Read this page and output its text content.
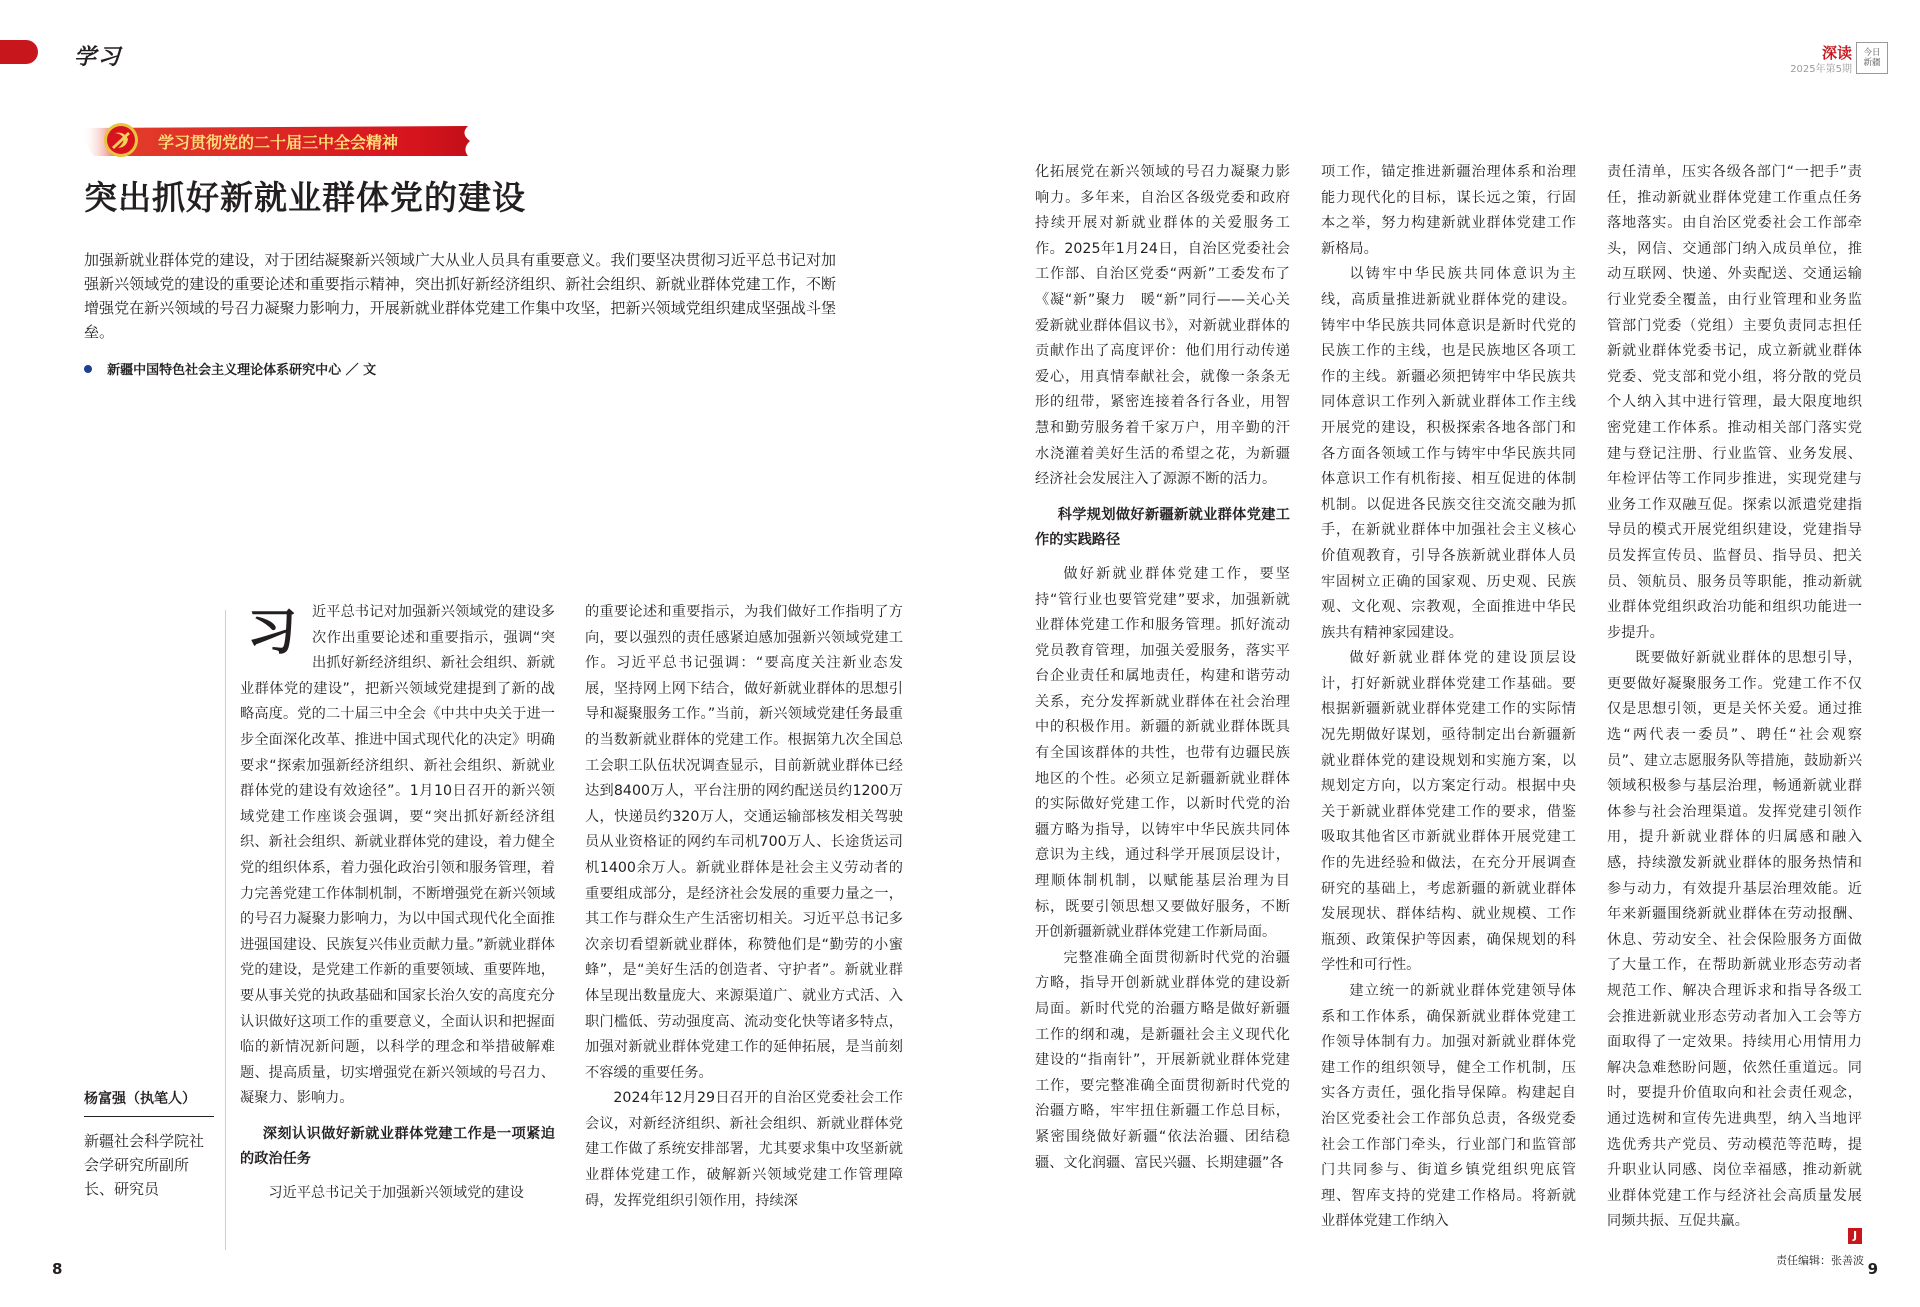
学习	深读
2025年第5期
今日新疆
学习贯彻党的二十届三中全会精神
突出抓好新就业群体党的建设
加强新就业群体党的建设，对于团结凝聚新兴领域广大从业人员具有重要意义。我们要坚决贯彻习近平总书记对加强新兴领域党的建设的重要论述和重要指示精神，突出抓好新经济组织、新社会组织、新就业群体党建工作，不断增强党在新兴领域的号召力凝聚力影响力，开展新就业群体党建工作集中攻坚，把新兴领域党组织建成坚强战斗堡垒。
新疆中国特色社会主义理论体系研究中心 ／ 文

习	近平总书记对加强新兴领域党的建设多次作出重要论述和重要指示，强调“突出抓好新经济组织、新社会组织、新就业群体党的建设”，把新兴领域党建提到了新的战略高度。党的二十届三中全会《中共中央关于进一步全面深化改革、推进中国式现代化的决定》明确要求“探索加强新经济组织、新社会组织、新就业群体党的建设有效途径”。1月10日召开的新兴领域党建工作座谈会强调，要“突出抓好新经济组织、新社会组织、新就业群体党的建设，着力健全党的组织体系，着力强化政治引领和服务管理，着力完善党建工作体制机制，不断增强党在新兴领域的号召力凝聚力影响力，为以中国式现代化全面推进强国建设、民族复兴伟业贡献力量。”新就业群体党的建设，是党建工作新的重要领域、重要阵地，要从事关党的执政基础和国家长治久安的高度充分认识做好这项工作的重要意义，全面认识和把握面临的新情况新问题，以科学的理念和举措破解难题、提高质量，切实增强党在新兴领域的号召力、凝聚力、影响力。

深刻认识做好新就业群体党建工作是一项紧迫的政治任务

习近平总书记关于加强新兴领域党的建设

的重要论述和重要指示，为我们做好工作指明了方向，要以强烈的责任感紧迫感加强新兴领域党建工作。习近平总书记强调：“要高度关注新业态发展，坚持网上网下结合，做好新就业群体的思想引导和凝聚服务工作。”当前，新兴领域党建任务最重的当数新就业群体的党建工作。根据第九次全国总工会职工队伍状况调查显示，目前新就业群体已经达到8400万人，平台注册的网约配送员约1200万人，快递员约320万人，交通运输部核发相关驾驶员从业资格证的网约车司机700万人、长途货运司机1400余万人。新就业群体是社会主义劳动者的重要组成部分，是经济社会发展的重要力量之一，其工作与群众生产生活密切相关。习近平总书记多次亲切看望新就业群体，称赞他们是“勤劳的小蜜蜂”，是“美好生活的创造者、守护者”。新就业群体呈现出数量庞大、来源渠道广、就业方式活、入职门槛低、劳动强度高、流动变化快等诸多特点，加强对新就业群体党建工作的延伸拓展，是当前刻不容缓的重要任务。

2024年12月29日召开的自治区党委社会工作会议，对新经济组织、新社会组织、新就业群体党建工作做了系统安排部署，尤其要求集中攻坚新就业群体党建工作，破解新兴领域党建工作管理障碍，发挥党组织引领作用，持续深

化拓展党在新兴领域的号召力凝聚力影响力。多年来，自治区各级党委和政府持续开展对新就业群体的关爱服务工作。2025年1月24日，自治区党委社会工作部、自治区党委“两新”工委发布了《凝“新”聚力　暖“新”同行——关心关爱新就业群体倡议书》，对新就业群体的贡献作出了高度评价：他们用行动传递爱心，用真情奉献社会，就像一条条无形的纽带，紧密连接着各行各业，用智慧和勤劳服务着千家万户，用辛勤的汗水浇灌着美好生活的希望之花，为新疆经济社会发展注入了源源不断的活力。

科学规划做好新疆新就业群体党建工作的实践路径

做好新就业群体党建工作，要坚持“管行业也要管党建”要求，加强新就业群体党建工作和服务管理。抓好流动党员教育管理，加强关爱服务，落实平台企业责任和属地责任，构建和谐劳动关系，充分发挥新就业群体在社会治理中的积极作用。新疆的新就业群体既具有全国该群体的共性，也带有边疆民族地区的个性。必须立足新疆新就业群体的实际做好党建工作，以新时代党的治疆方略为指导，以铸牢中华民族共同体意识为主线，通过科学开展顶层设计，理顺体制机制，以赋能基层治理为目标，既要引领思想又要做好服务，不断开创新疆新就业群体党建工作新局面。

完整准确全面贯彻新时代党的治疆方略，指导开创新就业群体党的建设新局面。新时代党的治疆方略是做好新疆工作的纲和魂，是新疆社会主义现代化建设的“指南针”，开展新就业群体党建工作，要完整准确全面贯彻新时代党的治疆方略，牢牢扭住新疆工作总目标，紧密围绕做好新疆“依法治疆、团结稳疆、文化润疆、富民兴疆、长期建疆”各

项工作，锚定推进新疆治理体系和治理能力现代化的目标，谋长远之策，行固本之举，努力构建新就业群体党建工作新格局。

以铸牢中华民族共同体意识为主线，高质量推进新就业群体党的建设。铸牢中华民族共同体意识是新时代党的民族工作的主线，也是民族地区各项工作的主线。新疆必须把铸牢中华民族共同体意识工作列入新就业群体工作主线开展党的建设，积极探索各地各部门和各方面各领域工作与铸牢中华民族共同体意识工作有机衔接、相互促进的体制机制。以促进各民族交往交流交融为抓手，在新就业群体中加强社会主义核心价值观教育，引导各族新就业群体人员牢固树立正确的国家观、历史观、民族观、文化观、宗教观，全面推进中华民族共有精神家园建设。

做好新就业群体党的建设顶层设计，打好新就业群体党建工作基础。要根据新疆新就业群体党建工作的实际情况先期做好谋划，亟待制定出台新疆新就业群体党的建设规划和实施方案，以规划定方向，以方案定行动。根据中央关于新就业群体党建工作的要求，借鉴吸取其他省区市新就业群体开展党建工作的先进经验和做法，在充分开展调查研究的基础上，考虑新疆的新就业群体发展现状、群体结构、就业规模、工作瓶颈、政策保护等因素，确保规划的科学性和可行性。

建立统一的新就业群体党建领导体系和工作体系，确保新就业群体党建工作领导体制有力。加强对新就业群体党建工作的组织领导，健全工作机制，压实各方责任，强化指导保障。构建起自治区党委社会工作部负总责，各级党委社会工作部门牵头，行业部门和监管部门共同参与、街道乡镇党组织兜底管理、智库支持的党建工作格局。将新就业群体党建工作纳入

责任清单，压实各级各部门“一把手”责任，推动新就业群体党建工作重点任务落地落实。由自治区党委社会工作部牵头，网信、交通部门纳入成员单位，推动互联网、快递、外卖配送、交通运输行业党委全覆盖，由行业管理和业务监管部门党委（党组）主要负责同志担任新就业群体党委书记，成立新就业群体党委、党支部和党小组，将分散的党员个人纳入其中进行管理，最大限度地织密党建工作体系。推动相关部门落实党建与登记注册、行业监管、业务发展、年检评估等工作同步推进，实现党建与业务工作双融互促。探索以派遣党建指导员的模式开展党组织建设，党建指导员发挥宣传员、监督员、指导员、把关员、领航员、服务员等职能，推动新就业群体党组织政治功能和组织功能进一步提升。

既要做好新就业群体的思想引导，更要做好凝聚服务工作。党建工作不仅仅是思想引领，更是关怀关爱。通过推选“两代表一委员”、聘任“社会观察员”、建立志愿服务队等措施，鼓励新兴领域积极参与基层治理，畅通新就业群体参与社会治理渠道。发挥党建引领作用，提升新就业群体的归属感和融入感，持续激发新就业群体的服务热情和参与动力，有效提升基层治理效能。近年来新疆围绕新就业群体在劳动报酬、休息、劳动安全、社会保险服务方面做了大量工作，在帮助新就业形态劳动者规范工作、解决合理诉求和指导各级工会推进新就业形态劳动者加入工会等方面取得了一定效果。持续用心用情用力解决急难愁盼问题，依然任重道远。同时，要提升价值取向和社会责任观念，通过选树和宣传先进典型，纳入当地评选优秀共产党员、劳动模范等范畴，提升职业认同感、岗位幸福感，推动新就业群体党建工作与经济社会高质量发展同频共振、互促共赢。

杨富强（执笔人）
新疆社会科学院社会学研究所副所长、研究员
J
8	9
责任编辑：张善波
